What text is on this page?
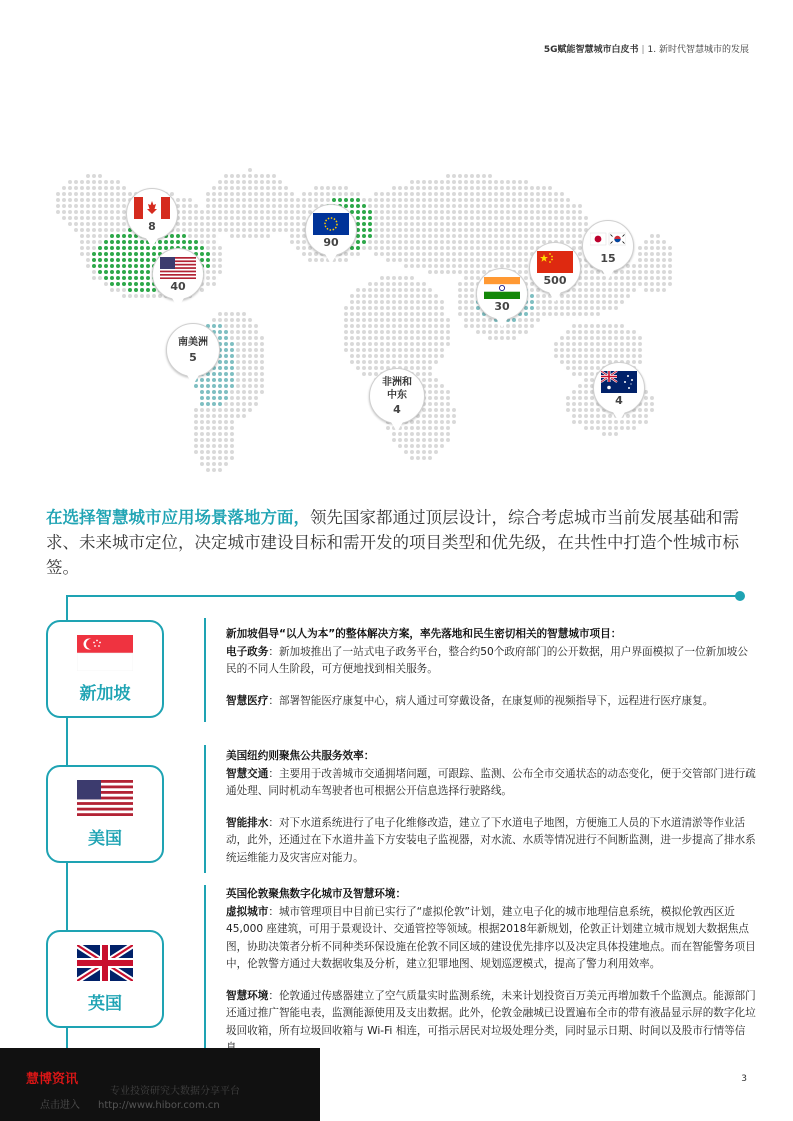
5G赋能智慧城市白皮书 | 1. 新时代智慧城市的发展
8
40
90
30
500
15
南美洲
5
非洲和
中东
4
4

在选择智慧城市应用场景落地方面，领先国家都通过顶层设计，综合考虑城市当前发展基础和需求、未来城市定位，决定城市建设目标和需开发的项目类型和优先级，在共性中打造个性城市标签。

新加坡
美国
英国
新加坡倡导“以人为本”的整体解决方案，率先落地和民生密切相关的智慧城市项目：
电子政务：新加坡推出了一站式电子政务平台，整合约50个政府部门的公开数据，用户界面模拟了一位新加坡公民的不同人生阶段，可方便地找到相关服务。
智慧医疗：部署智能医疗康复中心，病人通过可穿戴设备，在康复师的视频指导下，远程进行医疗康复。
美国纽约则聚焦公共服务效率：
智慧交通：主要用于改善城市交通拥堵问题，可跟踪、监测、公布全市交通状态的动态变化，便于交管部门进行疏通处理、同时机动车驾驶者也可根据公开信息选择行驶路线。
智能排水：对下水道系统进行了电子化维修改造，建立了下水道电子地图，方便施工人员的下水道清淤等作业活动，此外，还通过在下水道井盖下方安装电子监视器，对水流、水质等情况进行不间断监测，进一步提高了排水系统运维能力及灾害应对能力。
英国伦敦聚焦数字化城市及智慧环境：
虚拟城市：城市管理项目中目前已实行了“虚拟伦敦”计划，建立电子化的城市地理信息系统，模拟伦敦西区近 45,000 座建筑，可用于景观设计、交通管控等领域。根据2018年新规划，伦敦正计划建立城市规划大数据焦点图，协助决策者分析不同种类环保设施在伦敦不同区域的建设优先排序以及决定具体投建地点。而在智能警务项目中，伦敦警方通过大数据收集及分析，建立犯罪地图、规划巡逻模式，提高了警力利用效率。
智慧环境：伦敦通过传感器建立了空气质量实时监测系统，未来计划投资百万美元再增加数千个监测点。能源部门还通过推广智能电表，监测能源使用及支出数据。此外，伦敦金融城已设置遍布全市的带有液晶显示屏的数字化垃圾回收箱，所有垃圾回收箱与 Wi-Fi 相连，可指示居民对垃圾处理分类，同时显示日期、时间以及股市行情等信
3
慧博资讯
专业投资研究大数据分享平台
点击进入 http://www.hibor.com.cn
